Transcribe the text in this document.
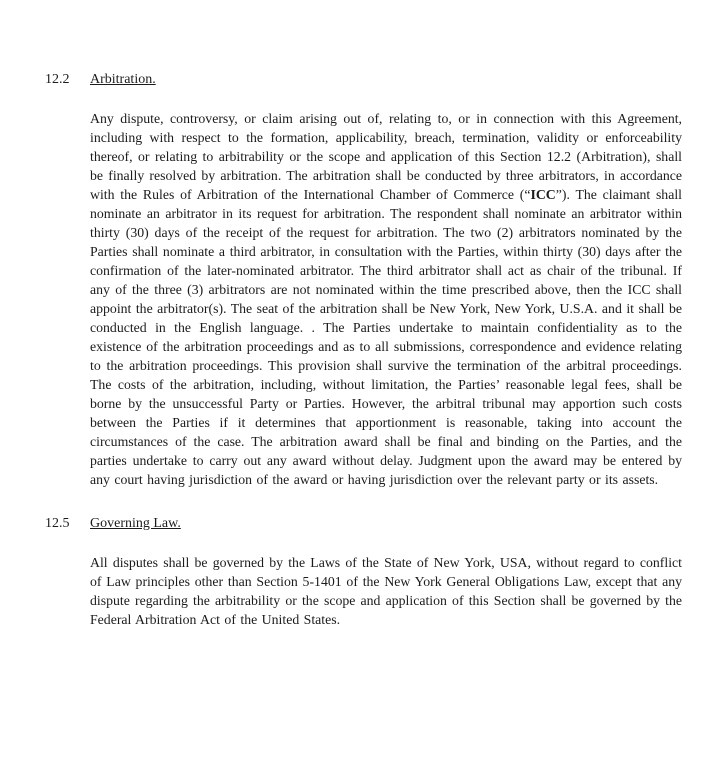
12.2	Arbitration.

Any dispute, controversy, or claim arising out of, relating to, or in connection with this Agreement, including with respect to the formation, applicability, breach, termination, validity or enforceability thereof, or relating to arbitrability or the scope and application of this Section 12.2 (Arbitration), shall be finally resolved by arbitration. The arbitration shall be conducted by three arbitrators, in accordance with the Rules of Arbitration of the International Chamber of Commerce (“ICC”). The claimant shall nominate an arbitrator in its request for arbitration. The respondent shall nominate an arbitrator within thirty (30) days of the receipt of the request for arbitration. The two (2) arbitrators nominated by the Parties shall nominate a third arbitrator, in consultation with the Parties, within thirty (30) days after the confirmation of the later-nominated arbitrator. The third arbitrator shall act as chair of the tribunal. If any of the three (3) arbitrators are not nominated within the time prescribed above, then the ICC shall appoint the arbitrator(s). The seat of the arbitration shall be New York, New York, U.S.A. and it shall be conducted in the English language. . The Parties undertake to maintain confidentiality as to the existence of the arbitration proceedings and as to all submissions, correspondence and evidence relating to the arbitration proceedings. This provision shall survive the termination of the arbitral proceedings. The costs of the arbitration, including, without limitation, the Parties’ reasonable legal fees, shall be borne by the unsuccessful Party or Parties. However, the arbitral tribunal may apportion such costs between the Parties if it determines that apportionment is reasonable, taking into account the circumstances of the case. The arbitration award shall be final and binding on the Parties, and the parties undertake to carry out any award without delay. Judgment upon the award may be entered by any court having jurisdiction of the award or having jurisdiction over the relevant party or its assets.

12.5	Governing Law.

All disputes shall be governed by the Laws of the State of New York, USA, without regard to conflict of Law principles other than Section 5-1401 of the New York General Obligations Law, except that any dispute regarding the arbitrability or the scope and application of this Section shall be governed by the Federal Arbitration Act of the United States.
